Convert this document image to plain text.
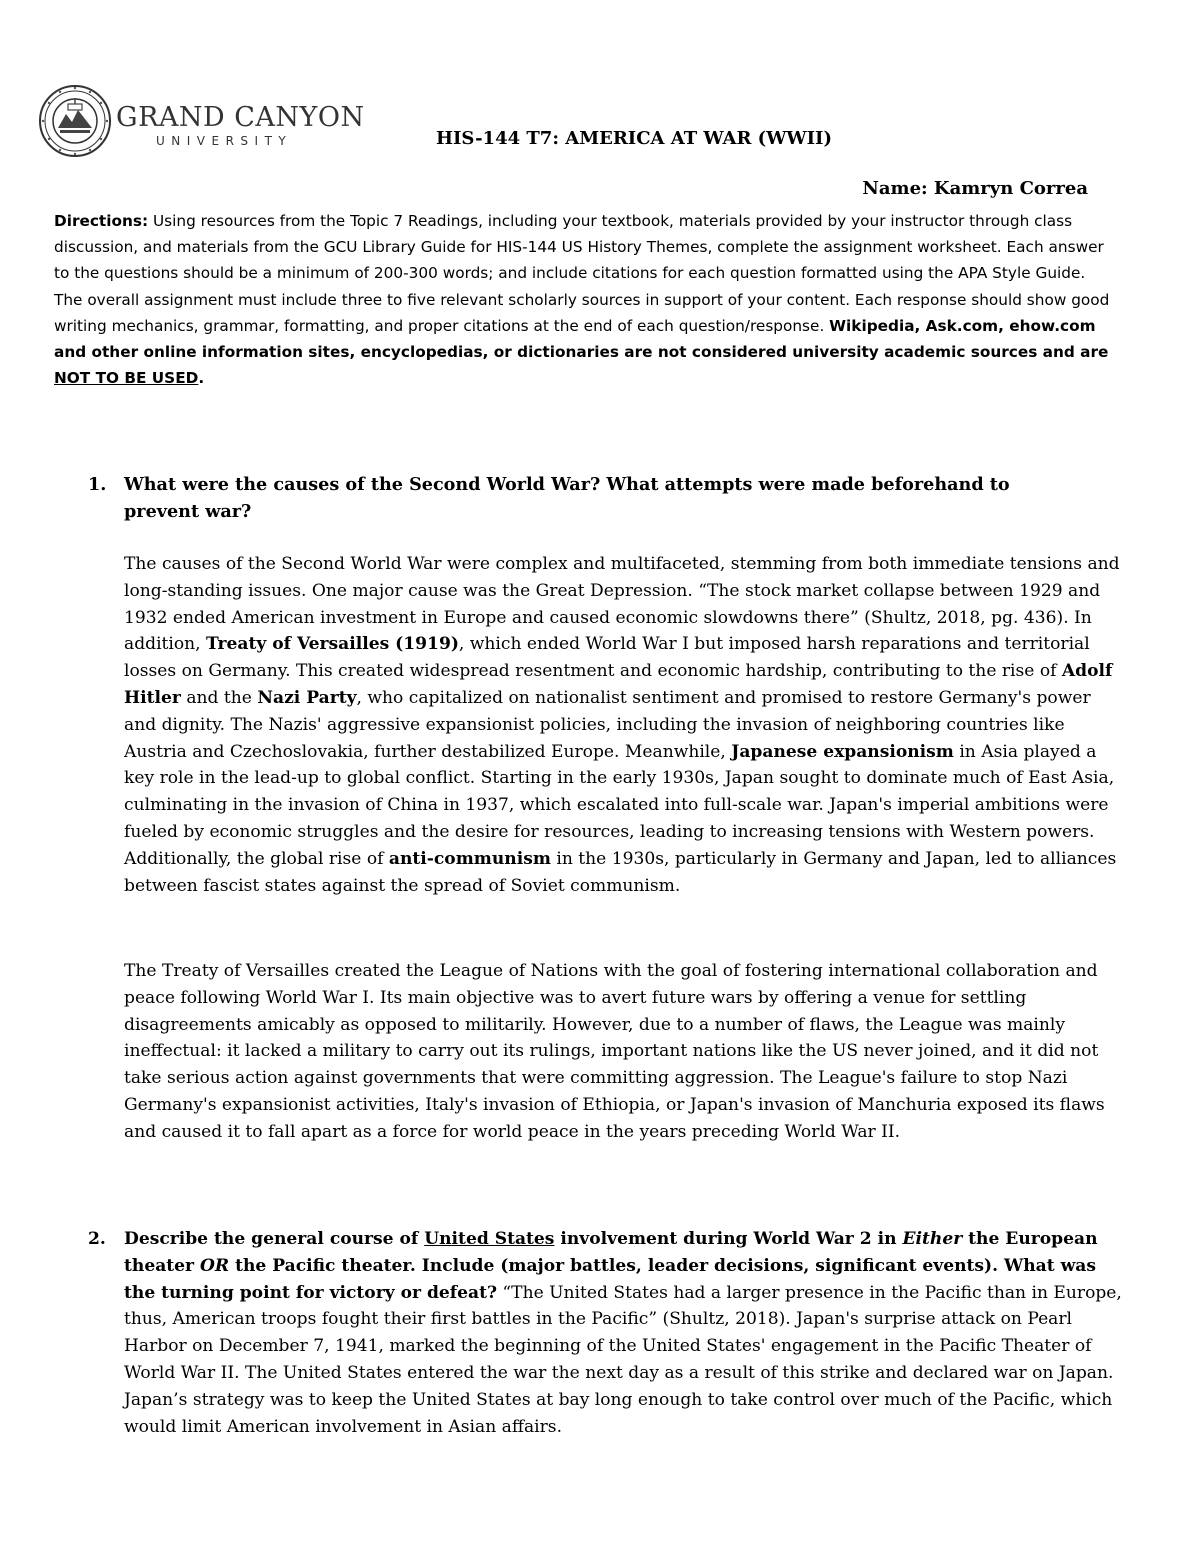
GRAND CANYON
UNIVERSITY	HIS-144 T7: AMERICA AT WAR (WWII)
Name: Kamryn Correa
Directions: Using resources from the Topic 7 Readings, including your textbook, materials provided by your instructor through class discussion, and materials from the GCU Library Guide for HIS-144 US History Themes, complete the assignment worksheet. Each answer to the questions should be a minimum of 200-300 words; and include citations for each question formatted using the APA Style Guide. The overall assignment must include three to five relevant scholarly sources in support of your content. Each response should show good writing mechanics, grammar, formatting, and proper citations at the end of each question/response. Wikipedia, Ask.com, ehow.com and other online information sites, encyclopedias, or dictionaries are not considered university academic sources and are NOT TO BE USED.
1. What were the causes of the Second World War? What attempts were made beforehand to prevent war?
The causes of the Second World War were complex and multifaceted, stemming from both immediate tensions and long-standing issues. One major cause was the Great Depression. “The stock market collapse between 1929 and 1932 ended American investment in Europe and caused economic slowdowns there” (Shultz, 2018, pg. 436). In addition, Treaty of Versailles (1919), which ended World War I but imposed harsh reparations and territorial losses on Germany. This created widespread resentment and economic hardship, contributing to the rise of Adolf Hitler and the Nazi Party, who capitalized on nationalist sentiment and promised to restore Germany's power and dignity. The Nazis' aggressive expansionist policies, including the invasion of neighboring countries like Austria and Czechoslovakia, further destabilized Europe. Meanwhile, Japanese expansionism in Asia played a key role in the lead-up to global conflict. Starting in the early 1930s, Japan sought to dominate much of East Asia, culminating in the invasion of China in 1937, which escalated into full-scale war. Japan's imperial ambitions were fueled by economic struggles and the desire for resources, leading to increasing tensions with Western powers. Additionally, the global rise of anti-communism in the 1930s, particularly in Germany and Japan, led to alliances between fascist states against the spread of Soviet communism.
The Treaty of Versailles created the League of Nations with the goal of fostering international collaboration and peace following World War I. Its main objective was to avert future wars by offering a venue for settling disagreements amicably as opposed to militarily. However, due to a number of flaws, the League was mainly ineffectual: it lacked a military to carry out its rulings, important nations like the US never joined, and it did not take serious action against governments that were committing aggression. The League's failure to stop Nazi Germany's expansionist activities, Italy's invasion of Ethiopia, or Japan's invasion of Manchuria exposed its flaws and caused it to fall apart as a force for world peace in the years preceding World War II.
2. Describe the general course of United States involvement during World War 2 in Either the European theater OR the Pacific theater. Include (major battles, leader decisions, significant events). What was the turning point for victory or defeat? “The United States had a larger presence in the Pacific than in Europe, thus, American troops fought their first battles in the Pacific” (Shultz, 2018). Japan's surprise attack on Pearl Harbor on December 7, 1941, marked the beginning of the United States' engagement in the Pacific Theater of World War II. The United States entered the war the next day as a result of this strike and declared war on Japan. Japan’s strategy was to keep the United States at bay long enough to take control over much of the Pacific, which would limit American involvement in Asian affairs.
